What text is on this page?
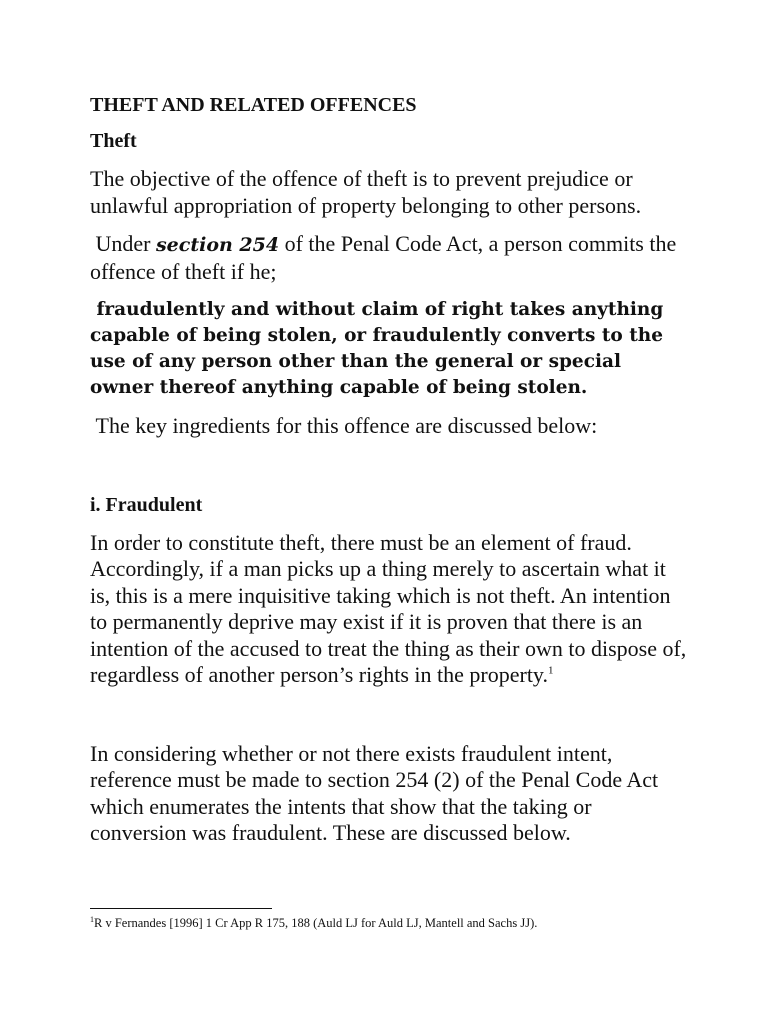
THEFT AND RELATED OFFENCES

Theft

The objective of the offence of theft is to prevent prejudice or unlawful appropriation of property belonging to other persons.

Under section 254 of the Penal Code Act, a person commits the offence of theft if he;

fraudulently and without claim of right takes anything capable of being stolen, or fraudulently converts to the use of any person other than the general or special owner thereof anything capable of being stolen.

The key ingredients for this offence are discussed below:

i. Fraudulent

In order to constitute theft, there must be an element of fraud. Accordingly, if a man picks up a thing merely to ascertain what it is, this is a mere inquisitive taking which is not theft. An intention to permanently deprive may exist if it is proven that there is an intention of the accused to treat the thing as their own to dispose of, regardless of another person’s rights in the property.$^1$

In considering whether or not there exists fraudulent intent, reference must be made to section 254 (2) of the Penal Code Act which enumerates the intents that show that the taking or conversion was fraudulent. These are discussed below.

$^1$R v Fernandes [1996] 1 Cr App R 175, 188 (Auld LJ for Auld LJ, Mantell and Sachs JJ).
